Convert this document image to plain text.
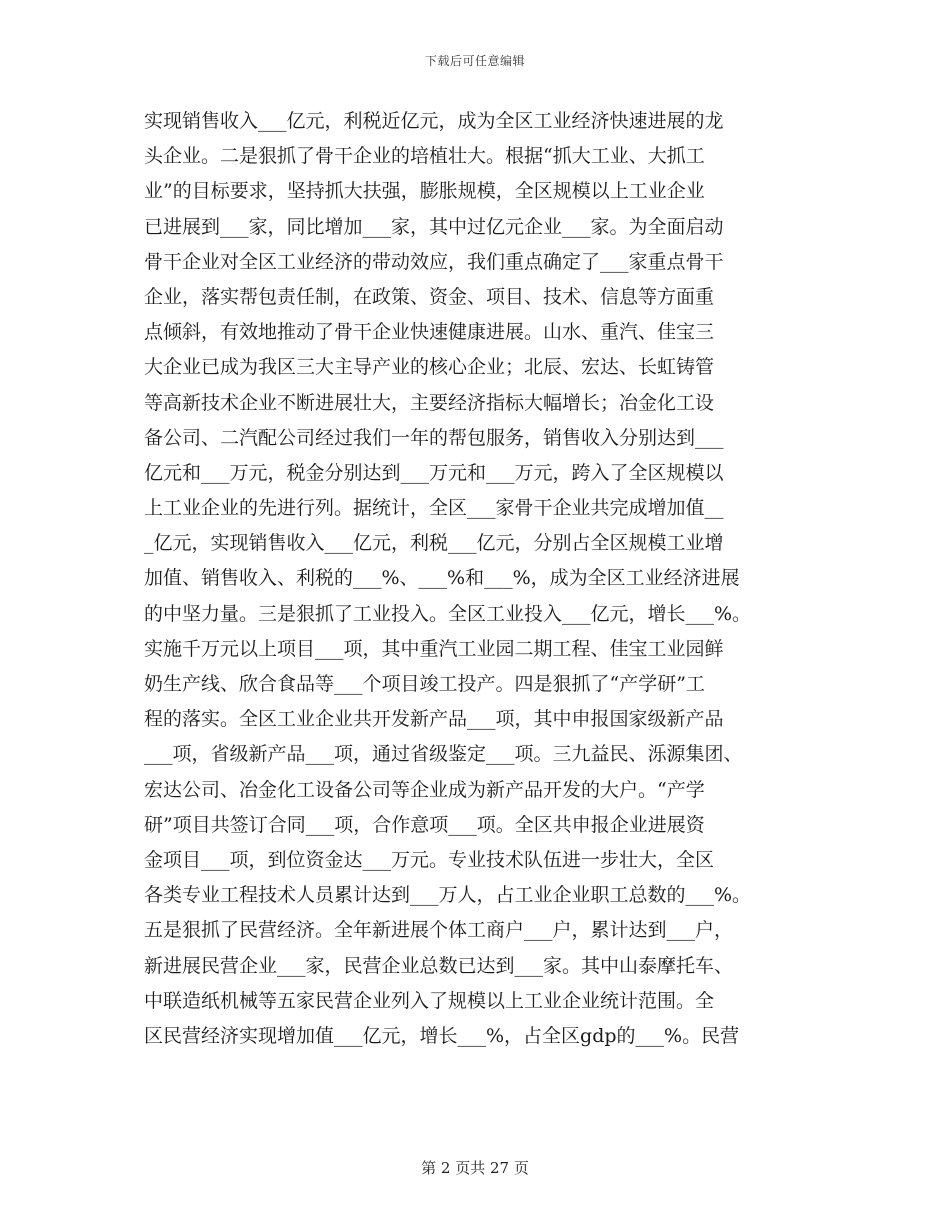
下载后可任意编辑
实现销售收入___亿元，利税近亿元，成为全区工业经济快速进展的龙
头企业。二是狠抓了骨干企业的培植壮大。根据“抓大工业、大抓工
业”的目标要求，坚持抓大扶强，膨胀规模，全区规模以上工业企业
已进展到___家，同比增加___家，其中过亿元企业___家。为全面启动
骨干企业对全区工业经济的带动效应，我们重点确定了___家重点骨干
企业，落实帮包责任制，在政策、资金、项目、技术、信息等方面重
点倾斜，有效地推动了骨干企业快速健康进展。山水、重汽、佳宝三
大企业已成为我区三大主导产业的核心企业；北辰、宏达、长虹铸管
等高新技术企业不断进展壮大，主要经济指标大幅增长；冶金化工设
备公司、二汽配公司经过我们一年的帮包服务，销售收入分别达到___
亿元和___万元，税金分别达到___万元和___万元，跨入了全区规模以
上工业企业的先进行列。据统计，全区___家骨干企业共完成增加值__
_亿元，实现销售收入___亿元，利税___亿元，分别占全区规模工业增
加值、销售收入、利税的___%、___%和___%，成为全区工业经济进展
的中坚力量。三是狠抓了工业投入。全区工业投入___亿元，增长___%。
实施千万元以上项目___项，其中重汽工业园二期工程、佳宝工业园鲜
奶生产线、欣合食品等___个项目竣工投产。四是狠抓了“产学研”工
程的落实。全区工业企业共开发新产品___项，其中申报国家级新产品
___项，省级新产品___项，通过省级鉴定___项。三九益民、泺源集团、
宏达公司、冶金化工设备公司等企业成为新产品开发的大户。“产学
研”项目共签订合同___项，合作意项___项。全区共申报企业进展资
金项目___项，到位资金达___万元。专业技术队伍进一步壮大，全区
各类专业工程技术人员累计达到___万人，占工业企业职工总数的___%。
五是狠抓了民营经济。全年新进展个体工商户___户，累计达到___户，
新进展民营企业___家，民营企业总数已达到___家。其中山泰摩托车、
中联造纸机械等五家民营企业列入了规模以上工业企业统计范围。全
区民营经济实现增加值___亿元，增长___%，占全区gdp的___%。民营
第 2 页共 27 页
